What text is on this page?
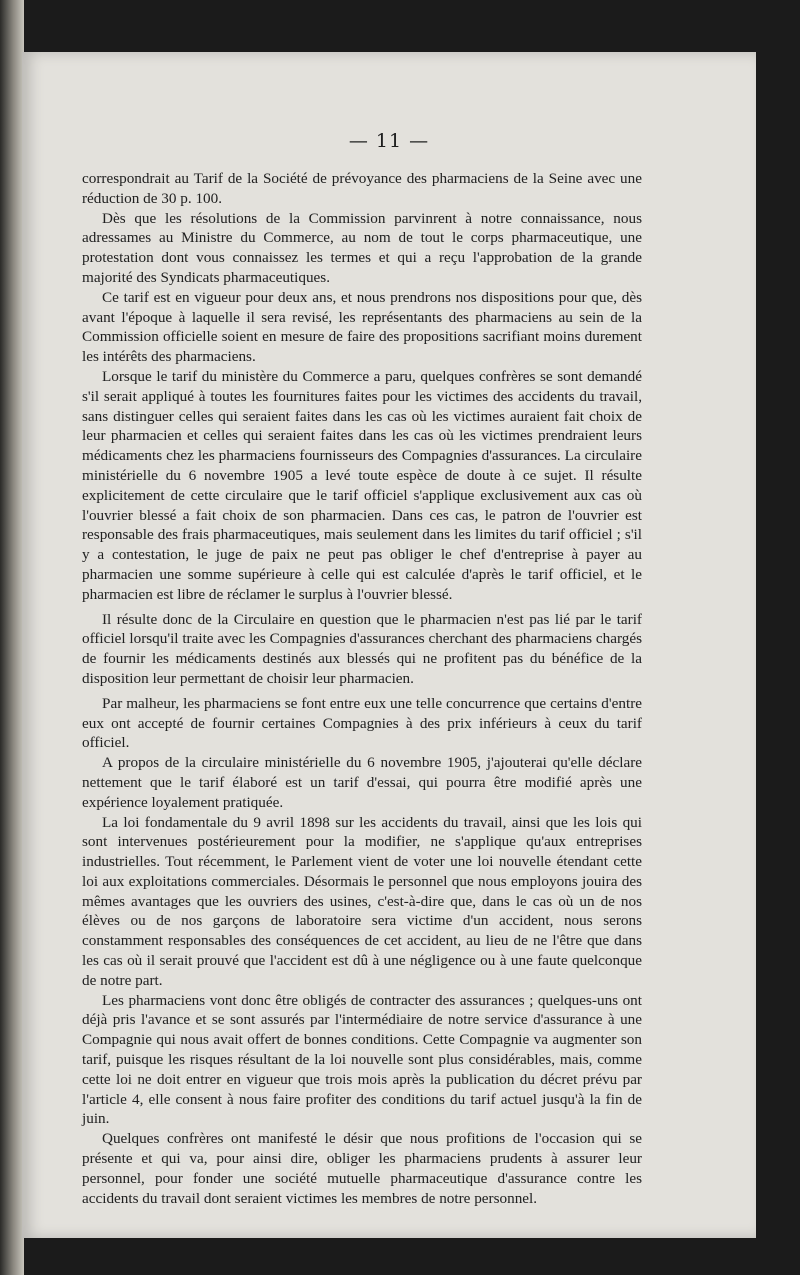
— 11 —

correspondrait au Tarif de la Société de prévoyance des pharmaciens de la Seine avec une réduction de 30 p. 100.

Dès que les résolutions de la Commission parvinrent à notre connaissance, nous adressames au Ministre du Commerce, au nom de tout le corps pharmaceutique, une protestation dont vous connaissez les termes et qui a reçu l'approbation de la grande majorité des Syndicats pharmaceutiques.

Ce tarif est en vigueur pour deux ans, et nous prendrons nos dispositions pour que, dès avant l'époque à laquelle il sera revisé, les représentants des pharmaciens au sein de la Commission officielle soient en mesure de faire des propositions sacrifiant moins durement les intérêts des pharmaciens.

Lorsque le tarif du ministère du Commerce a paru, quelques confrères se sont demandé s'il serait appliqué à toutes les fournitures faites pour les victimes des accidents du travail, sans distinguer celles qui seraient faites dans les cas où les victimes auraient fait choix de leur pharmacien et celles qui seraient faites dans les cas où les victimes prendraient leurs médicaments chez les pharmaciens fournisseurs des Compagnies d'assurances. La circulaire ministérielle du 6 novembre 1905 a levé toute espèce de doute à ce sujet. Il résulte explicitement de cette circulaire que le tarif officiel s'applique exclusivement aux cas où l'ouvrier blessé a fait choix de son pharmacien. Dans ces cas, le patron de l'ouvrier est responsable des frais pharmaceutiques, mais seulement dans les limites du tarif officiel ; s'il y a contestation, le juge de paix ne peut pas obliger le chef d'entreprise à payer au pharmacien une somme supérieure à celle qui est calculée d'après le tarif officiel, et le pharmacien est libre de réclamer le surplus à l'ouvrier blessé.

Il résulte donc de la Circulaire en question que le pharmacien n'est pas lié par le tarif officiel lorsqu'il traite avec les Compagnies d'assurances cherchant des pharmaciens chargés de fournir les médicaments destinés aux blessés qui ne profitent pas du bénéfice de la disposition leur permettant de choisir leur pharmacien.

Par malheur, les pharmaciens se font entre eux une telle concurrence que certains d'entre eux ont accepté de fournir certaines Compagnies à des prix inférieurs à ceux du tarif officiel.

A propos de la circulaire ministérielle du 6 novembre 1905, j'ajouterai qu'elle déclare nettement que le tarif élaboré est un tarif d'essai, qui pourra être modifié après une expérience loyalement pratiquée.

La loi fondamentale du 9 avril 1898 sur les accidents du travail, ainsi que les lois qui sont intervenues postérieurement pour la modifier, ne s'applique qu'aux entreprises industrielles. Tout récemment, le Parlement vient de voter une loi nouvelle étendant cette loi aux exploitations commerciales. Désormais le personnel que nous employons jouira des mêmes avantages que les ouvriers des usines, c'est-à-dire que, dans le cas où un de nos élèves ou de nos garçons de laboratoire sera victime d'un accident, nous serons constamment responsables des conséquences de cet accident, au lieu de ne l'être que dans les cas où il serait prouvé que l'accident est dû à une négligence ou à une faute quelconque de notre part.

Les pharmaciens vont donc être obligés de contracter des assurances ; quelques-uns ont déjà pris l'avance et se sont assurés par l'intermédiaire de notre service d'assurance à une Compagnie qui nous avait offert de bonnes conditions. Cette Compagnie va augmenter son tarif, puisque les risques résultant de la loi nouvelle sont plus considérables, mais, comme cette loi ne doit entrer en vigueur que trois mois après la publication du décret prévu par l'article 4, elle consent à nous faire profiter des conditions du tarif actuel jusqu'à la fin de juin.

Quelques confrères ont manifesté le désir que nous profitions de l'occasion qui se présente et qui va, pour ainsi dire, obliger les pharmaciens prudents à assurer leur personnel, pour fonder une société mutuelle pharmaceutique d'assurance contre les accidents du travail dont seraient victimes les membres de notre personnel.
